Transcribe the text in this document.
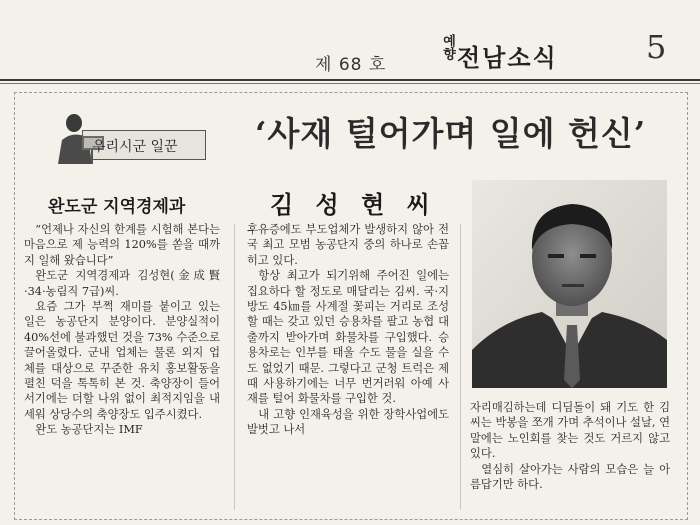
제 68 호
예향 전남소식	5
우리시군 일꾼 ‘사재 털어가며 일에 헌신’
완도군 지역경제과	김 성 현 씨

“언제나 자신의 한계를 시험해 본다는 마음으로 제 능력의 120%를 쏟을 때까지 일해 왔습니다”

완도군 지역경제과 김성현(金成賢·34·농림직 7급)씨.

요즘 그가 부쩍 재미를 붙이고 있는 일은 농공단지 분양이다. 분양실적이 40%선에 불과했던 것을 73% 수준으로 끌어올렸다. 군내 업체는 물론 외지 업체를 대상으로 꾸준한 유치 홍보활동을 펼친 덕을 톡톡히 본 것. 축양장이 들어서기에는 더할 나위 없이 최적지임을 내세워 상당수의 축양장도 입주시켰다.

완도 농공단지는 IMF

후유증에도 부도업체가 발생하지 않아 전국 최고 모범 농공단지 중의 하나로 손꼽히고 있다.

항상 최고가 되기위해 주어진 일에는 집요하다 할 정도로 매달리는 김씨. 국·지방도 45㎞를 사계절 꽃피는 거리로 조성할 때는 갖고 있던 승용차를 팔고 농협 대출까지 받아가며 화물차를 구입했다. 승용차로는 인부를 태울 수도 물을 실을 수도 없었기 때문. 그렇다고 군청 트럭은 제때 사용하기에는 너무 번거러워 아예 사재를 털어 화물차를 구입한 것.

내 고향 인재육성을 위한 장학사업에도 발벗고 나서

자리매김하는데 디딤돌이 돼 기도 한 김씨는 박봉을 쪼개 가며 추석이나 설날, 연말에는 노인회를 찾는 것도 거르지 않고 있다.

열심히 살아가는 사람의 모습은 늘 아름답기만 하다.
